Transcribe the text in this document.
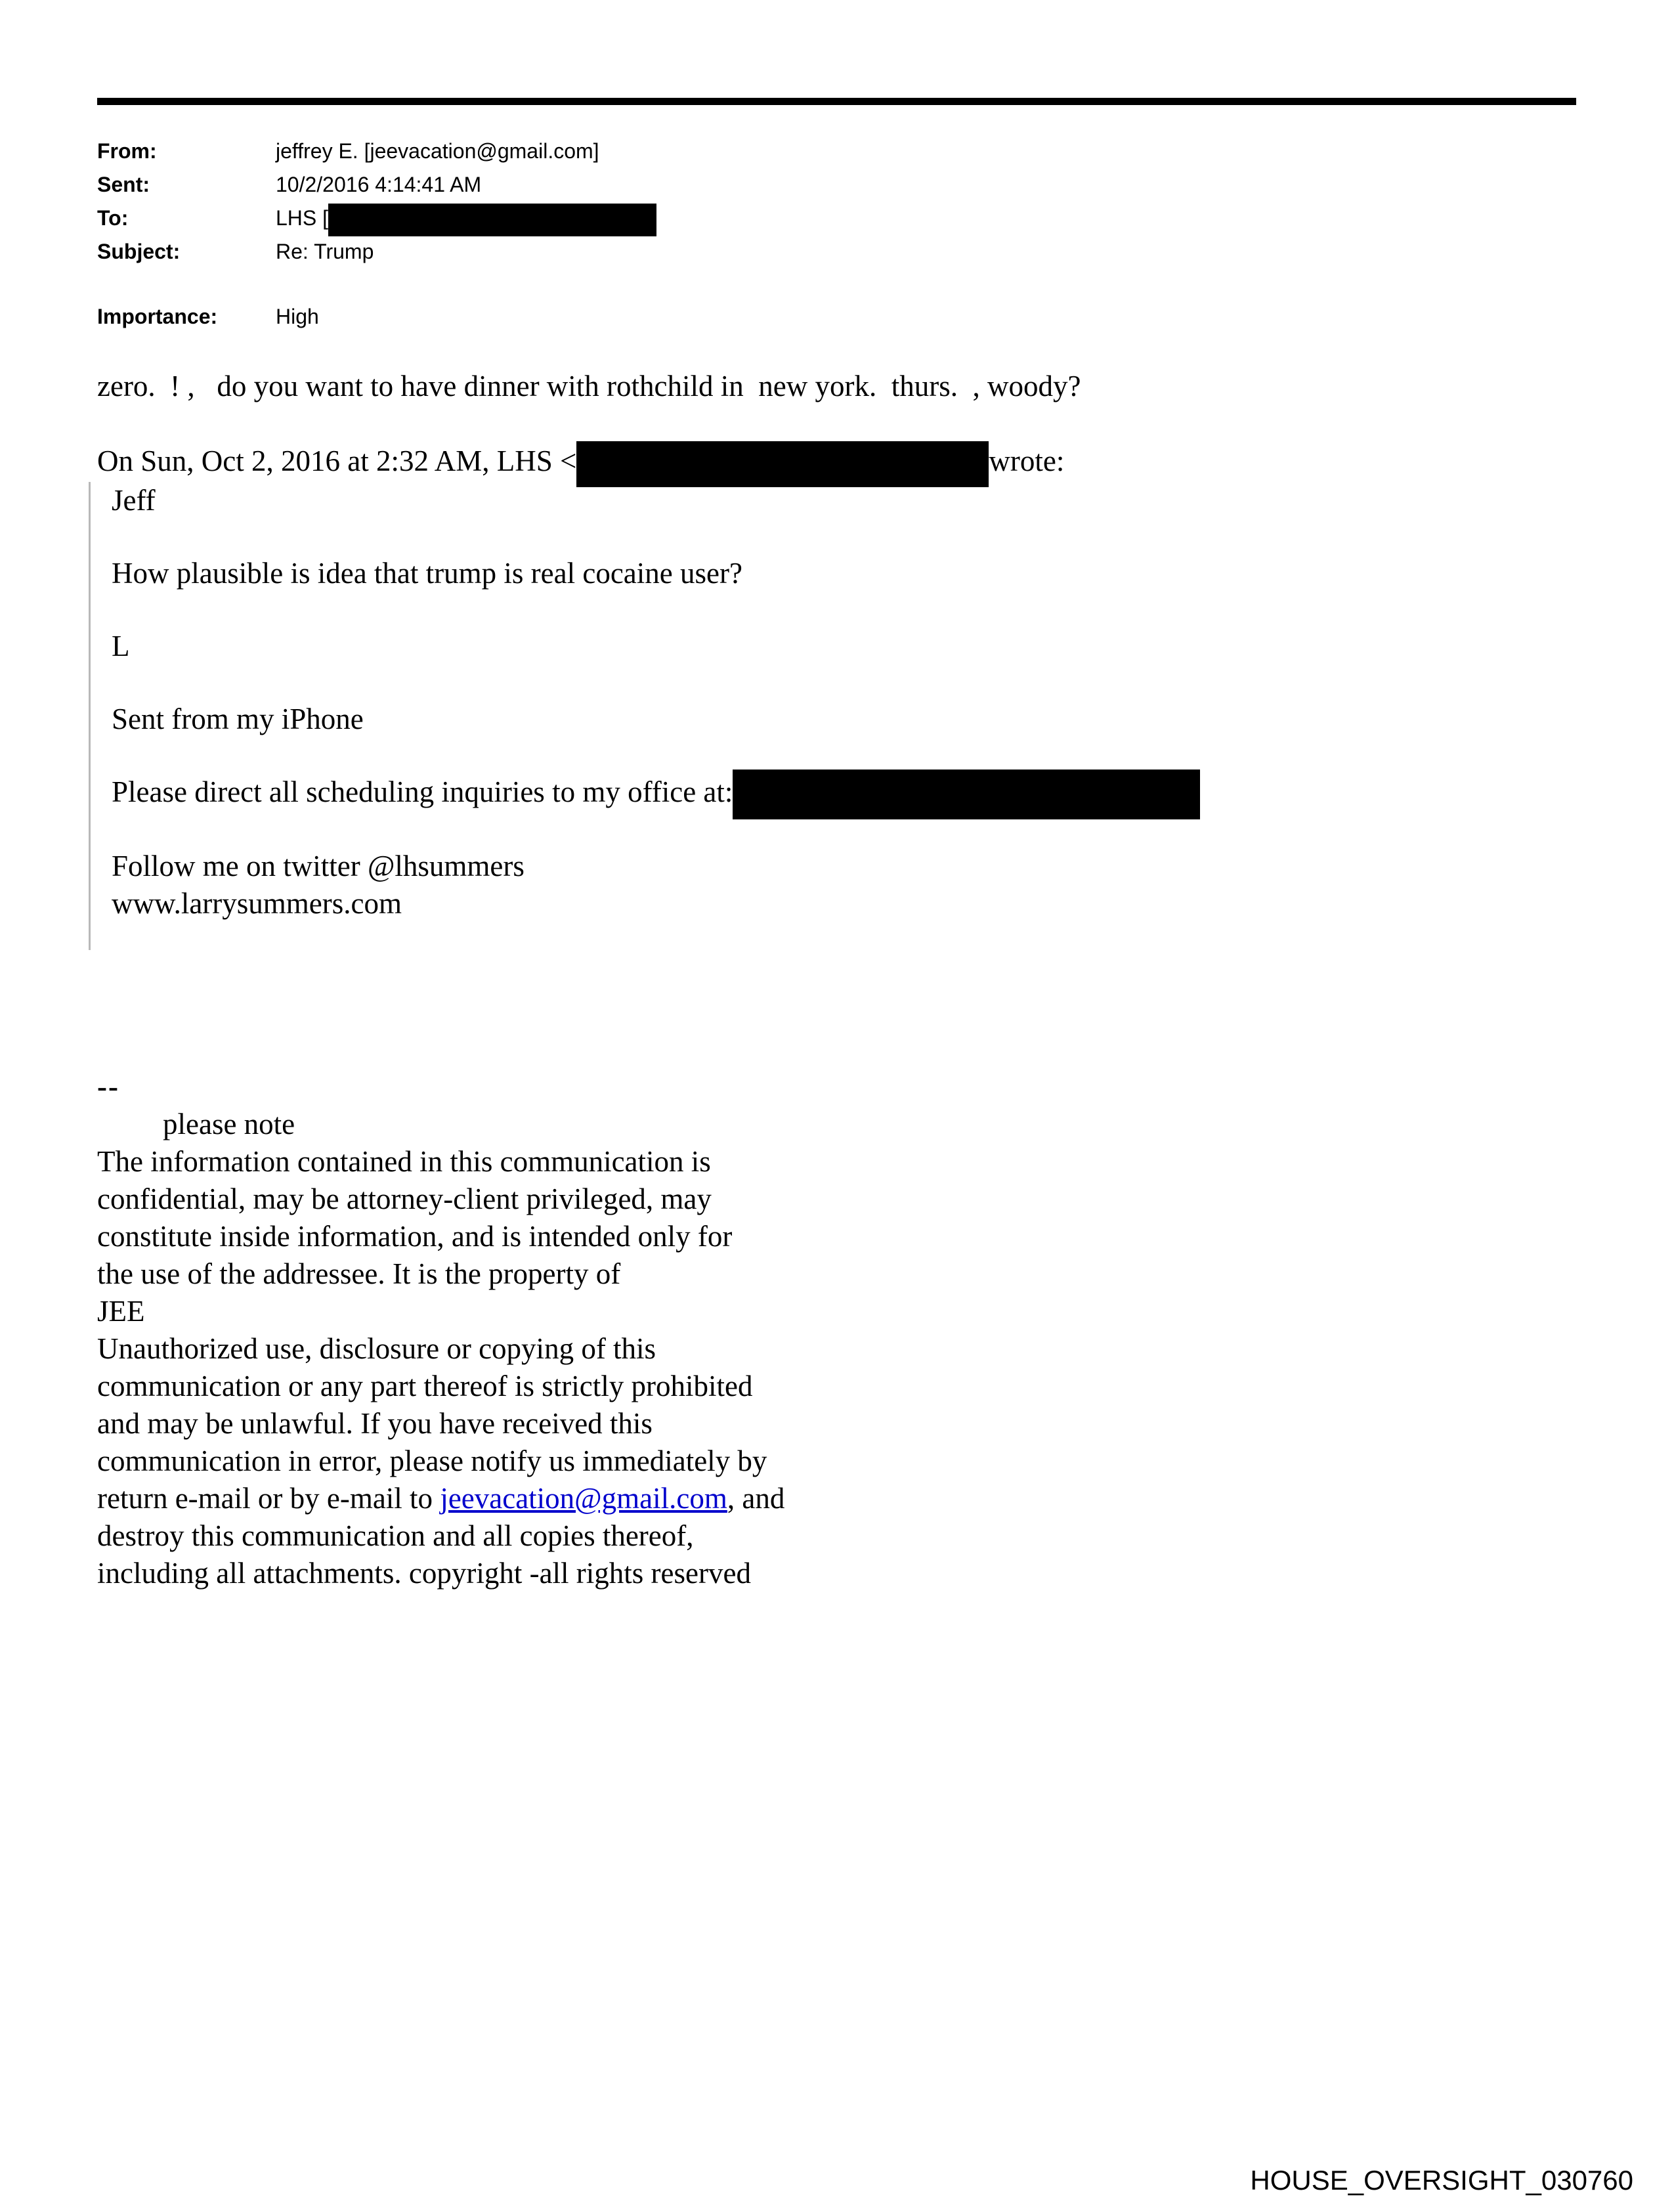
From:	jeffrey E. [jeevacation@gmail.com]
Sent:	10/2/2016 4:14:41 AM
To:	LHS [
Subject:	Re: Trump
Importance:	High
zero.  ! ,   do you want to have dinner with rothchild in  new york.  thurs.  , woody?
On Sun, Oct 2, 2016 at 2:32 AM, LHS <	wrote:
Jeff
How plausible is idea that trump is real cocaine user?
L
Sent from my iPhone
Please direct all scheduling inquiries to my office at:
Follow me on twitter @lhsummers
www.larrysummers.com
--
please note
The information contained in this communication is
confidential, may be attorney-client privileged, may
constitute inside information, and is intended only for
the use of the addressee. It is the property of
JEE
Unauthorized use, disclosure or copying of this
communication or any part thereof is strictly prohibited
and may be unlawful. If you have received this
communication in error, please notify us immediately by
return e-mail or by e-mail to jeevacation@gmail.com, and
destroy this communication and all copies thereof,
including all attachments. copyright -all rights reserved
HOUSE_OVERSIGHT_030760
